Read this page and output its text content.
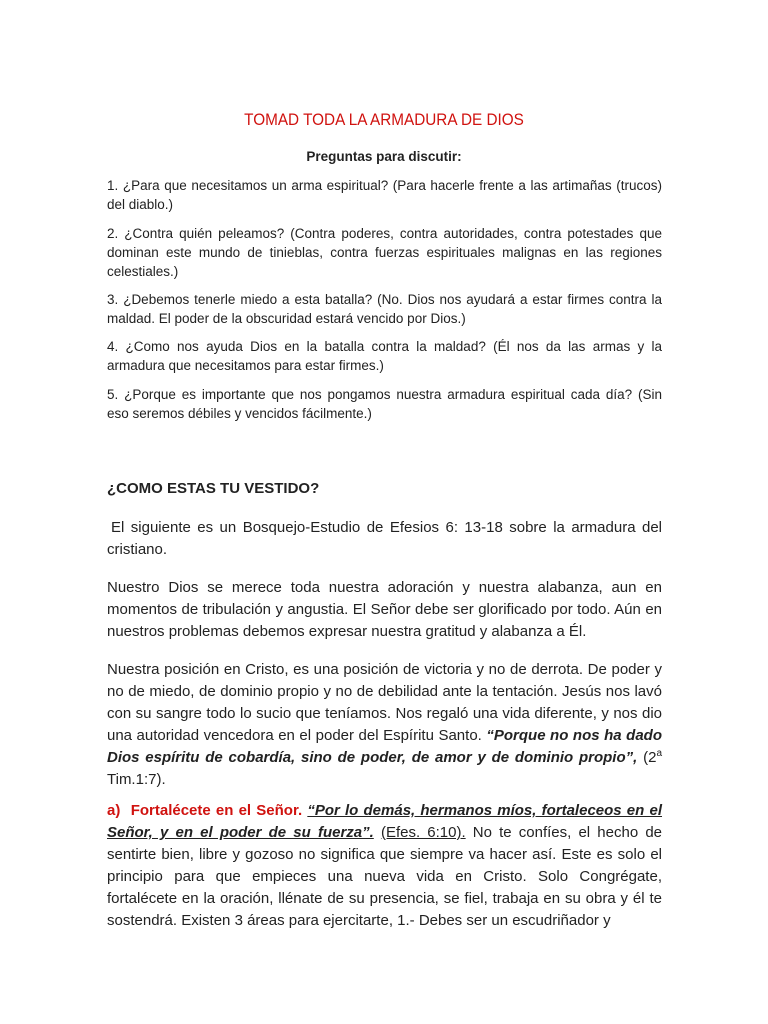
TOMAD TODA LA ARMADURA DE DIOS
Preguntas para discutir:

1. ¿Para que necesitamos un arma espiritual? (Para hacerle frente a las artimañas (trucos) del diablo.)

2. ¿Contra quién peleamos? (Contra poderes, contra autoridades, contra potestades que dominan este mundo de tinieblas, contra fuerzas espirituales malignas en las regiones celestiales.)

3. ¿Debemos tenerle miedo a esta batalla? (No. Dios nos ayudará a estar firmes contra la maldad. El poder de la obscuridad estará vencido por Dios.)

4. ¿Como nos ayuda Dios en la batalla contra la maldad? (Él nos da las armas y la armadura que necesitamos para estar firmes.)

5. ¿Porque es importante que nos pongamos nuestra armadura espiritual cada día? (Sin eso seremos débiles y vencidos fácilmente.)

¿COMO ESTAS TU VESTIDO?

El siguiente es un Bosquejo-Estudio de Efesios 6: 13-18 sobre la armadura del cristiano.

Nuestro Dios se merece toda nuestra adoración y nuestra alabanza, aun en momentos de tribulación y angustia. El Señor debe ser glorificado por todo. Aún en nuestros problemas debemos expresar nuestra gratitud y alabanza a Él.

Nuestra posición en Cristo, es una posición de victoria y no de derrota. De poder y no de miedo, de dominio propio y no de debilidad ante la tentación. Jesús nos lavó con su sangre todo lo sucio que teníamos. Nos regaló una vida diferente, y nos dio una autoridad vencedora en el poder del Espíritu Santo. “Porque no nos ha dado Dios espíritu de cobardía, sino de poder, de amor y de dominio propio”, (2$^a$ Tim.1:7).

a) Fortalécete en el Señor. “Por lo demás, hermanos míos, fortaleceos en el Señor, y en el poder de su fuerza”. (Efes. 6:10). No te confíes, el hecho de sentirte bien, libre y gozoso no significa que siempre va hacer así. Este es solo el principio para que empieces una nueva vida en Cristo. Solo Congrégate, fortalécete en la oración, llénate de su presencia, se fiel, trabaja en su obra y él te sostendrá. Existen 3 áreas para ejercitarte, 1.- Debes ser un escudriñador y
